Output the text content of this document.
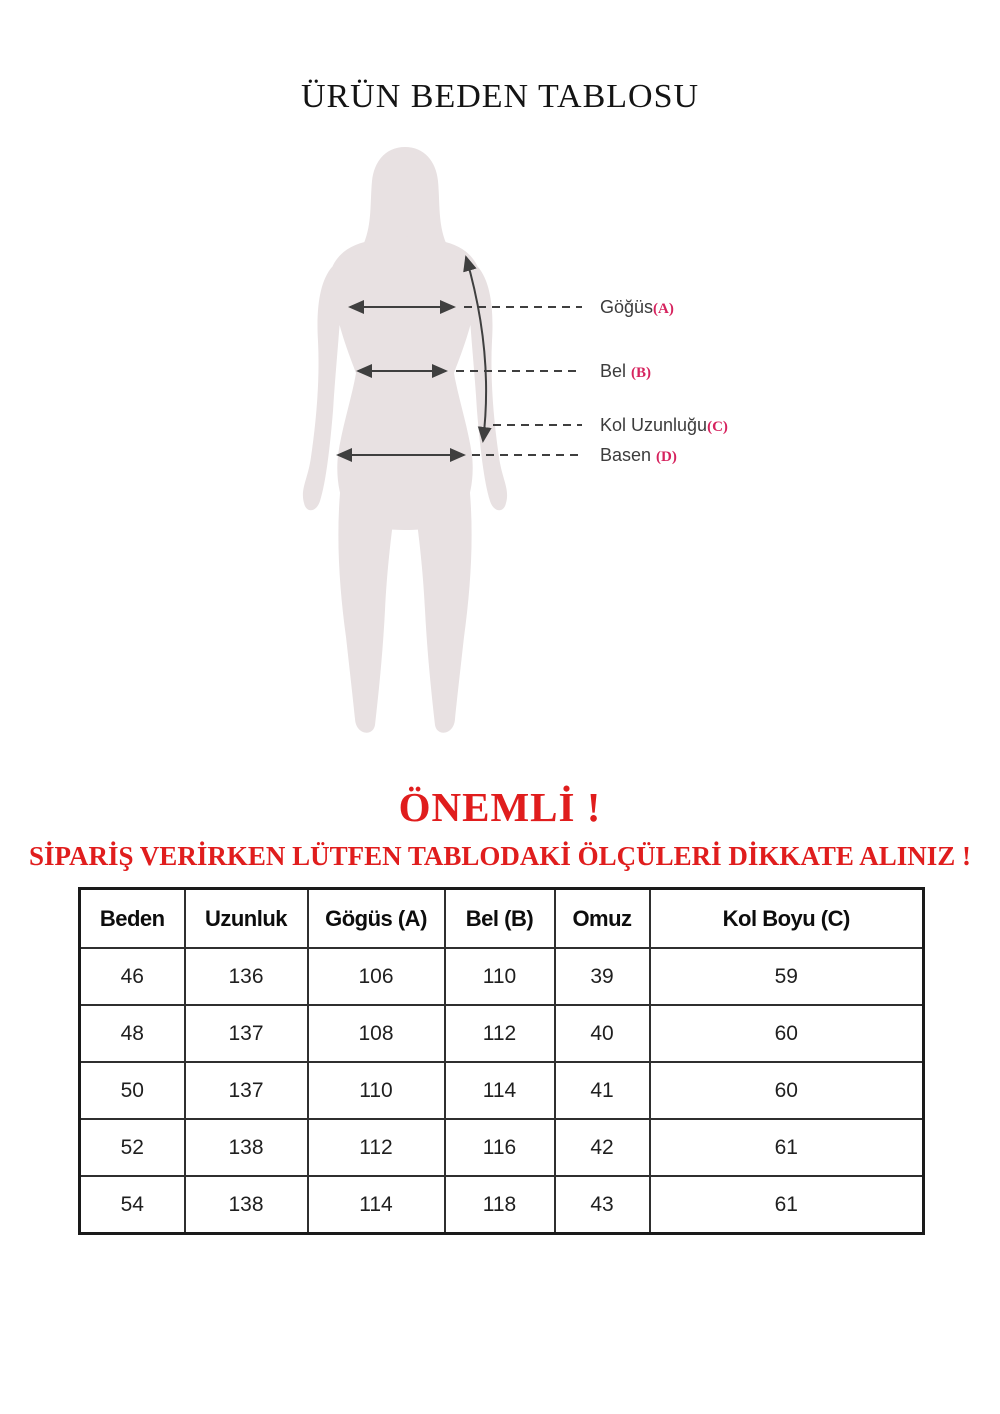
ÜRÜN BEDEN TABLOSU
Göğüs(A)
Bel (B)
Kol Uzunluğu(C)
Basen (D)
ÖNEMLİ !
SİPARİŞ VERİRKEN LÜTFEN TABLODAKİ ÖLÇÜLERİ DİKKATE ALINIZ !
Beden	Uzunluk	Gögüs (A)	Bel (B)	Omuz	Kol Boyu (C)
46	136	106	110	39	59
48	137	108	112	40	60
50	137	110	114	41	60
52	138	112	116	42	61
54	138	114	118	43	61
